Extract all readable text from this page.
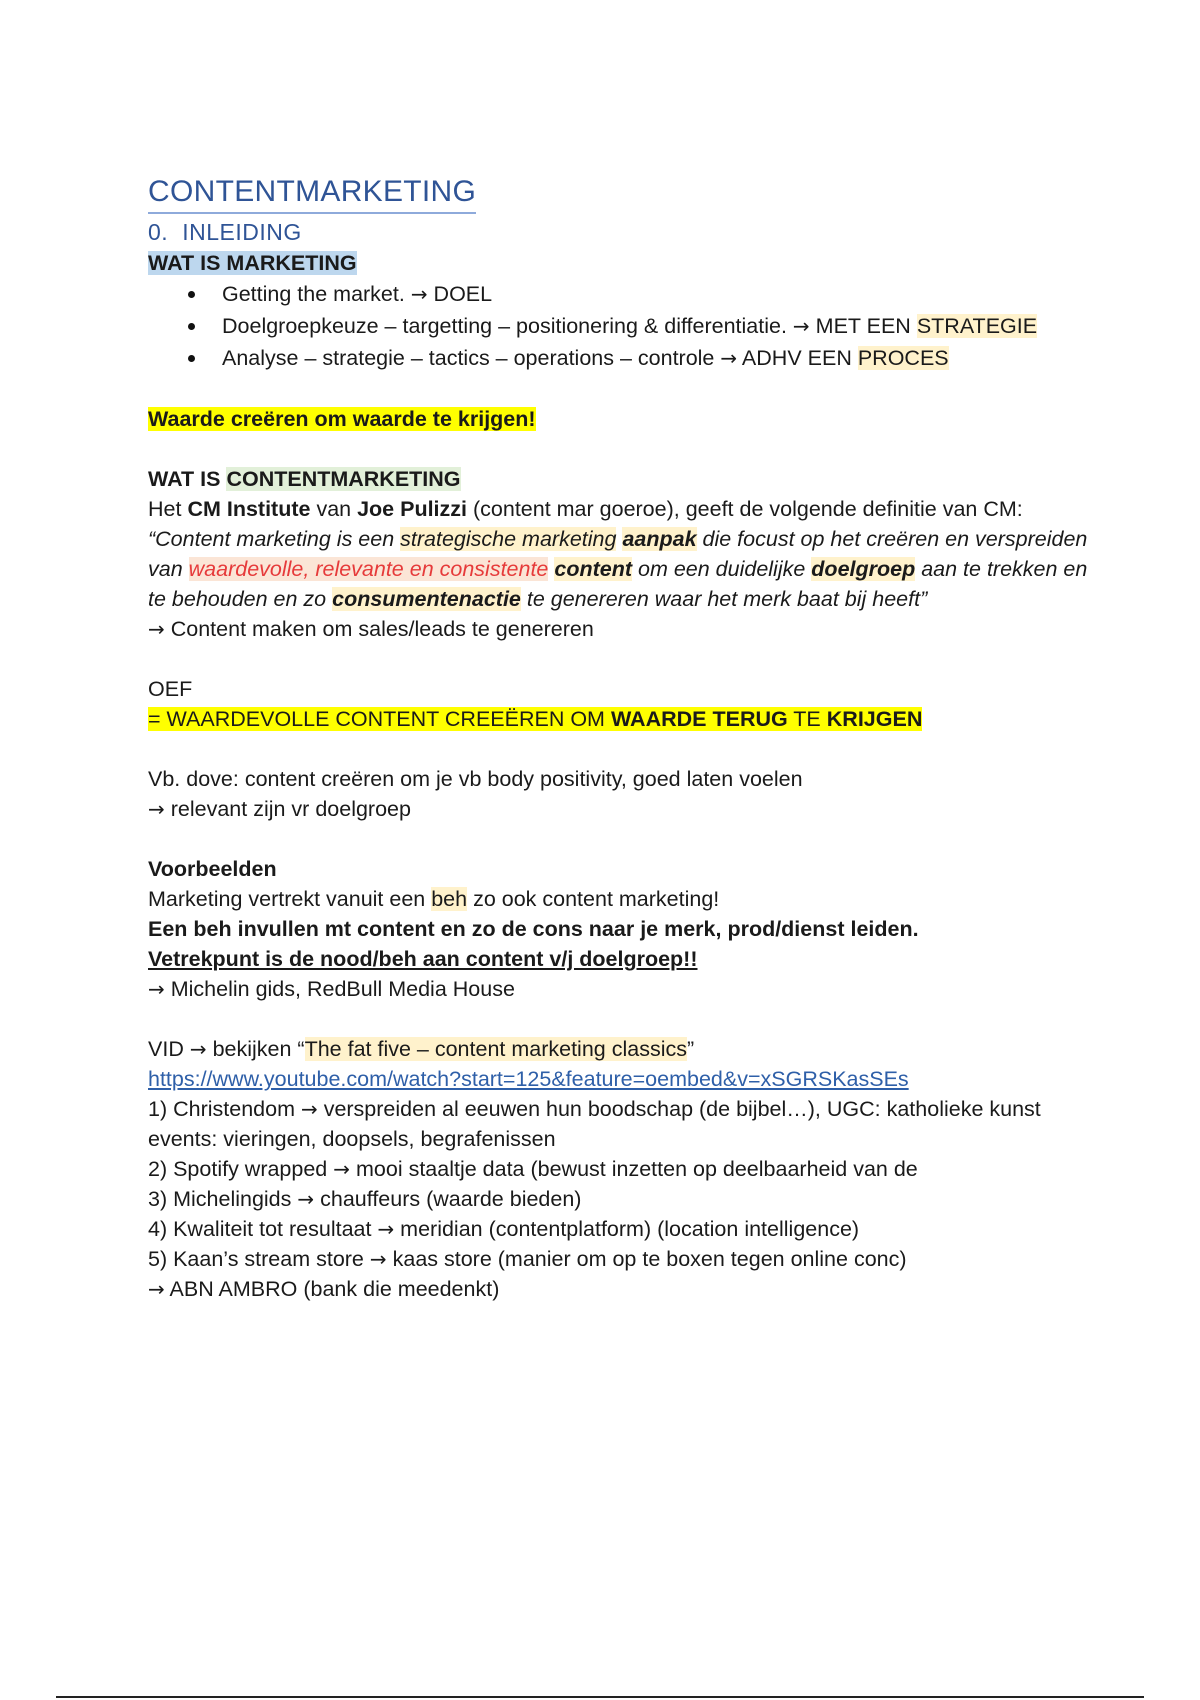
CONTENTMARKETING
0. INLEIDING
WAT IS MARKETING
Getting the market. → DOEL
Doelgroepkeuze – targetting – positionering & differentiatie. → MET EEN STRATEGIE
Analyse – strategie – tactics – operations – controle → ADHV EEN PROCES
Waarde creëren om waarde te krijgen!
WAT IS CONTENTMARKETING
Het CM Institute van Joe Pulizzi (content mar goeroe), geeft de volgende definitie van CM:
“Content marketing is een strategische marketing aanpak die focust op het creëren en verspreiden van waardevolle, relevante en consistente content om een duidelijke doelgroep aan te trekken en te behouden en zo consumentenactie te genereren waar het merk baat bij heeft”
→ Content maken om sales/leads te genereren
OEF
= WAARDEVOLLE CONTENT CREEËREN OM WAARDE TERUG TE KRIJGEN
Vb. dove: content creëren om je vb body positivity, goed laten voelen
→ relevant zijn vr doelgroep
Voorbeelden
Marketing vertrekt vanuit een beh zo ook content marketing!
Een beh invullen mt content en zo de cons naar je merk, prod/dienst leiden.
Vetrekpunt is de nood/beh aan content v/j doelgroep!!
→ Michelin gids, RedBull Media House
VID → bekijken “The fat five – content marketing classics”
https://www.youtube.com/watch?start=125&feature=oembed&v=xSGRSKasSEs
1) Christendom → verspreiden al eeuwen hun boodschap (de bijbel…), UGC: katholieke kunst events: vieringen, doopsels, begrafenissen
2) Spotify wrapped → mooi staaltje data (bewust inzetten op deelbaarheid van de
3) Michelingids → chauffeurs (waarde bieden)
4) Kwaliteit tot resultaat → meridian (contentplatform) (location intelligence)
5) Kaan’s stream store → kaas store (manier om op te boxen tegen online conc)
→ ABN AMBRO (bank die meedenkt)
